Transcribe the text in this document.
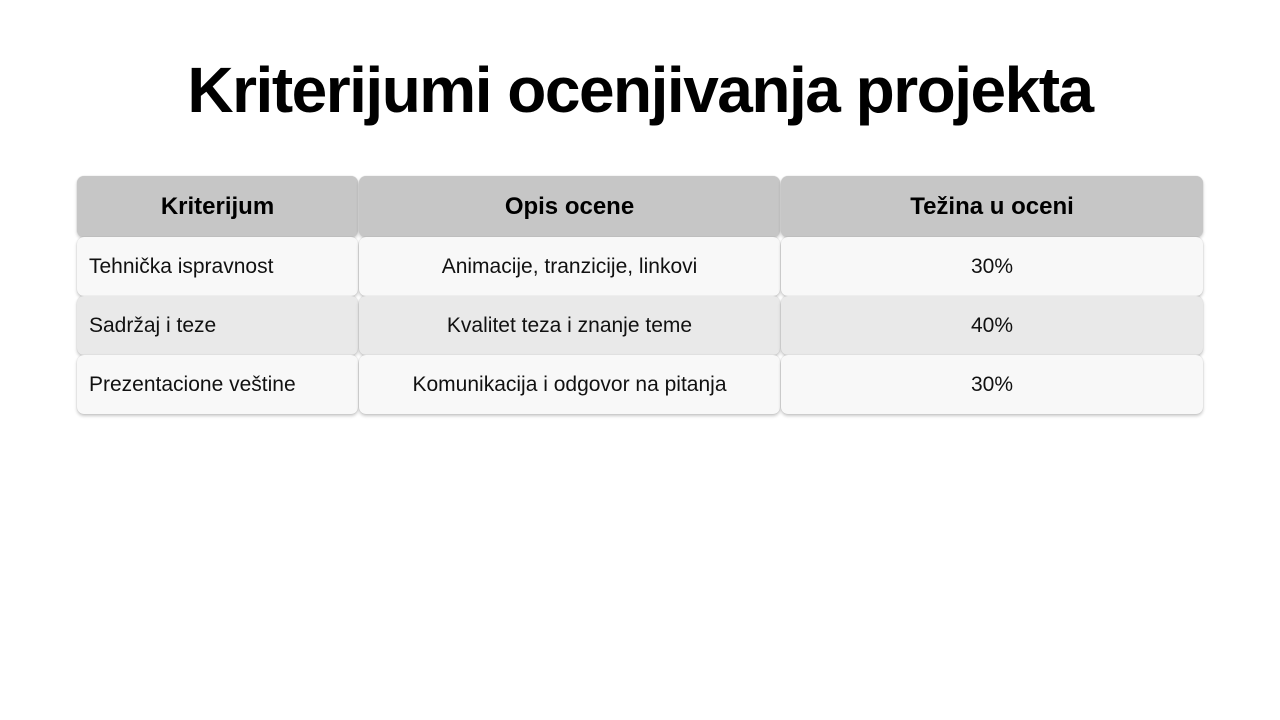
Kriterijumi ocenjivanja projekta
Kriterijum	Opis ocene	Težina u oceni
Tehnička ispravnost	Animacije, tranzicije, linkovi	30%
Sadržaj i teze	Kvalitet teza i znanje teme	40%
Prezentacione veštine	Komunikacija i odgovor na pitanja	30%
